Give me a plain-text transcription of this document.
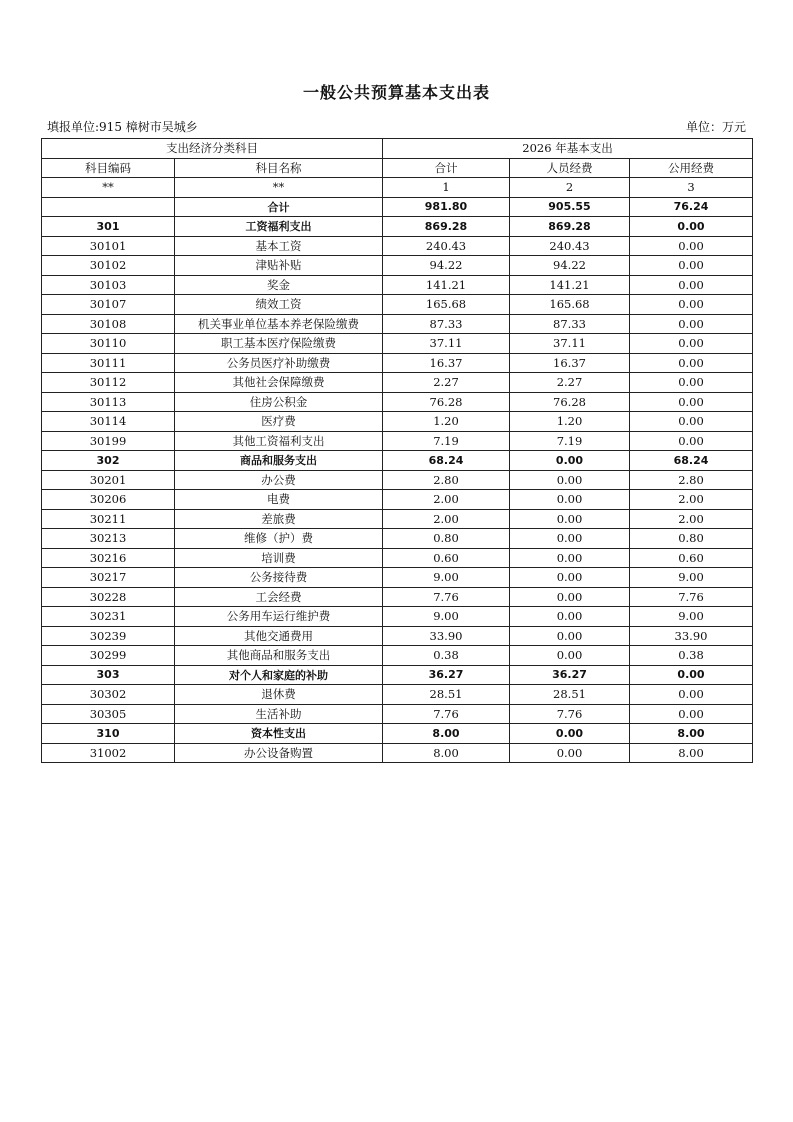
一般公共预算基本支出表
填报单位:915 樟树市吴城乡	单位：万元
支出经济分类科目		2026 年基本支出		
科目编码	科目名称	合计	人员经费	公用经费
**	**	1	2	3
	合计	981.80	905.55	76.24
301	工资福利支出	869.28	869.28	0.00
30101	基本工资	240.43	240.43	0.00
30102	津贴补贴	94.22	94.22	0.00
30103	奖金	141.21	141.21	0.00
30107	绩效工资	165.68	165.68	0.00
30108	机关事业单位基本养老保险缴费	87.33	87.33	0.00
30110	职工基本医疗保险缴费	37.11	37.11	0.00
30111	公务员医疗补助缴费	16.37	16.37	0.00
30112	其他社会保障缴费	2.27	2.27	0.00
30113	住房公积金	76.28	76.28	0.00
30114	医疗费	1.20	1.20	0.00
30199	其他工资福利支出	7.19	7.19	0.00
302	商品和服务支出	68.24	0.00	68.24
30201	办公费	2.80	0.00	2.80
30206	电费	2.00	0.00	2.00
30211	差旅费	2.00	0.00	2.00
30213	维修（护）费	0.80	0.00	0.80
30216	培训费	0.60	0.00	0.60
30217	公务接待费	9.00	0.00	9.00
30228	工会经费	7.76	0.00	7.76
30231	公务用车运行维护费	9.00	0.00	9.00
30239	其他交通费用	33.90	0.00	33.90
30299	其他商品和服务支出	0.38	0.00	0.38
303	对个人和家庭的补助	36.27	36.27	0.00
30302	退休费	28.51	28.51	0.00
30305	生活补助	7.76	7.76	0.00
310	资本性支出	8.00	0.00	8.00
31002	办公设备购置	8.00	0.00	8.00
